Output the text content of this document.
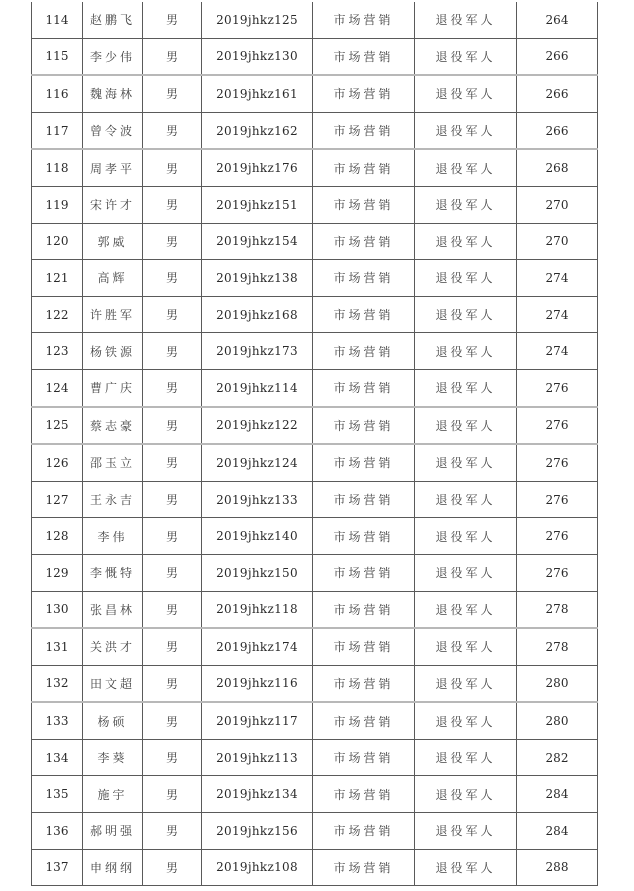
114	赵鹏飞	男	2019jhkz125	市场营销	退役军人	264
115	李少伟	男	2019jhkz130	市场营销	退役军人	266
116	魏海林	男	2019jhkz161	市场营销	退役军人	266
117	曾令波	男	2019jhkz162	市场营销	退役军人	266
118	周孝平	男	2019jhkz176	市场营销	退役军人	268
119	宋许才	男	2019jhkz151	市场营销	退役军人	270
120	郭威	男	2019jhkz154	市场营销	退役军人	270
121	高辉	男	2019jhkz138	市场营销	退役军人	274
122	许胜军	男	2019jhkz168	市场营销	退役军人	274
123	杨铁源	男	2019jhkz173	市场营销	退役军人	274
124	曹广庆	男	2019jhkz114	市场营销	退役军人	276
125	蔡志豪	男	2019jhkz122	市场营销	退役军人	276
126	邵玉立	男	2019jhkz124	市场营销	退役军人	276
127	王永吉	男	2019jhkz133	市场营销	退役军人	276
128	李伟	男	2019jhkz140	市场营销	退役军人	276
129	李慨特	男	2019jhkz150	市场营销	退役军人	276
130	张昌林	男	2019jhkz118	市场营销	退役军人	278
131	关洪才	男	2019jhkz174	市场营销	退役军人	278
132	田文超	男	2019jhkz116	市场营销	退役军人	280
133	杨硕	男	2019jhkz117	市场营销	退役军人	280
134	李葵	男	2019jhkz113	市场营销	退役军人	282
135	施宇	男	2019jhkz134	市场营销	退役军人	284
136	郝明强	男	2019jhkz156	市场营销	退役军人	284
137	申纲纲	男	2019jhkz108	市场营销	退役军人	288
